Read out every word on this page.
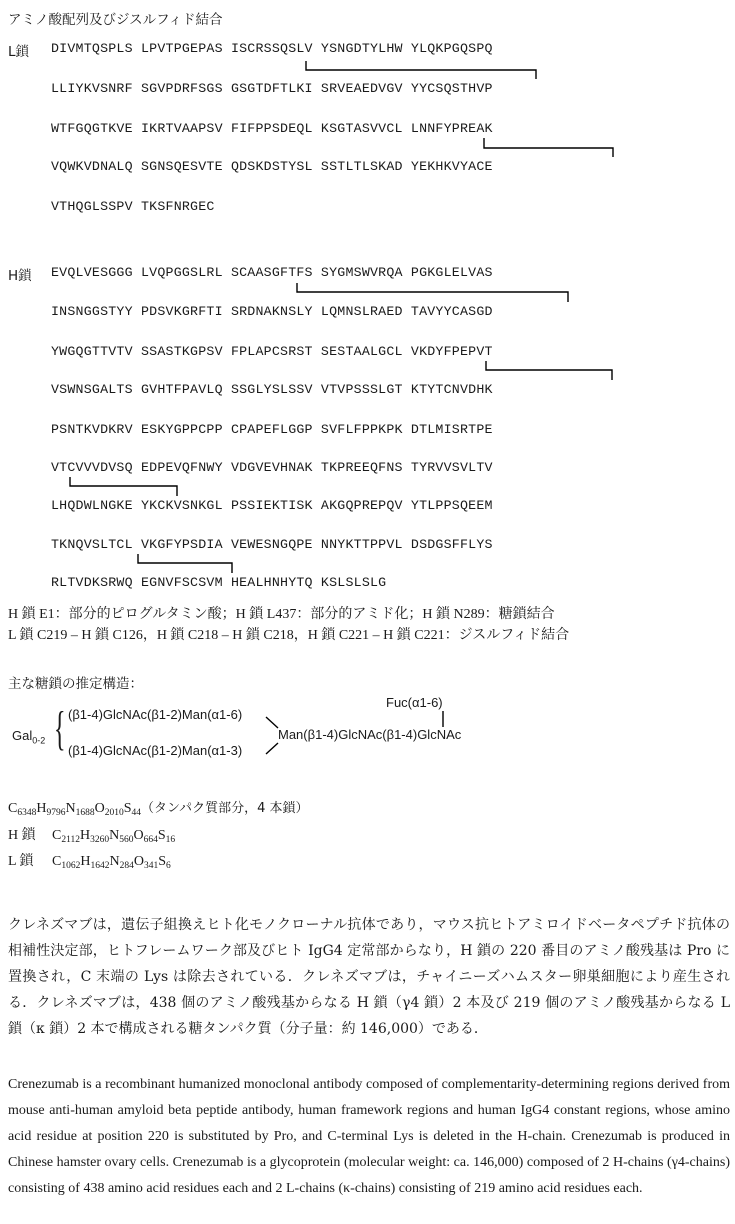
アミノ酸配列及びジスルフィド結合
L鎖 DIVMTQSPLS LPVTPGEPAS ISCRSSQSLV YSNGDTYLHW YLQKPGQSPQ
LLIYKVSNRF SGVPDRFSGS GSGTDFTLKI SRVEAEDVGV YYCSQSTHVP
WTFGQGTKVE IKRTVAAPSV FIFPPSDEQL KSGTASVVCL LNNFYPREAK
VQWKVDNALQ SGNSQESVTE QDSKDSTYSL SSTLTLSKAD YEKHKVYACE
VTHQGLSSPV TKSFNRGEC
H鎖 EVQLVESGGG LVQPGGSLRL SCAASGFTFS SYGMSWVRQA PGKGLELVAS
INSNGGSTYY PDSVKGRFTI SRDNAKNSLY LQMNSLRAED TAVYYCASGD
YWGQGTTVTV SSASTKGPSV FPLAPCSRST SESTAALGCL VKDYFPEPVT
VSWNSGALTS GVHTFPAVLQ SSGLYSLSSV VTVPSSSLGT KTYTCNVDHK
PSNTKVDKRV ESKYGPPCPP CPAPEFLGGP SVFLFPPKPK DTLMISRTPE
VTCVVVDVSQ EDPEVQFNWY VDGVEVHNAK TKPREEQFNS TYRVVSVLTV
LHQDWLNGKE YKCKVSNKGL PSSIEKTISK AKGQPREPQV YTLPPSQEEM
TKNQVSLTCL VKGFYPSDIA VEWESNGQPE NNYKTTPPVL DSDGSFFLYS
RLTVDKSRWQ EGNVFSCSVM HEALHNHYTQ KSLSLSLG
H 鎖 E1：部分的ピログルタミン酸；H 鎖 L437：部分的アミド化；H 鎖 N289：糖鎖結合
L 鎖 C219 – H 鎖 C126，H 鎖 C218 – H 鎖 C218，H 鎖 C221 – H 鎖 C221：ジスルフィド結合
主な糖鎖の推定構造：
Fuc(α1-6)
Gal$_{0-2}$ { (β1-4)GlcNAc(β1-2)Man(α1-6)
(β1-4)GlcNAc(β1-2)Man(α1-3)
Man(β1-4)GlcNAc(β1-4)GlcNAc
$C_{6348}H_{9796}N_{1688}O_{2010}S_{44}$（タンパク質部分，4 本鎖）
H 鎖 $C_{2112}H_{3260}N_{560}O_{664}S_{16}$
L 鎖 $C_{1062}H_{1642}N_{284}O_{341}S_6$
クレネズマブは，遺伝子組換えヒト化モノクローナル抗体であり，マウス抗ヒトアミロイドベータペプチド抗体の相補性決定部，ヒトフレームワーク部及びヒト IgG4 定常部からなり，H 鎖の 220 番目のアミノ酸残基は Pro に置換され，C 末端の Lys は除去されている．クレネズマブは，チャイニーズハムスター卵巣細胞により産生される．クレネズマブは，438 個のアミノ酸残基からなる H 鎖（γ4 鎖）2 本及び 219 個のアミノ酸残基からなる L 鎖（κ 鎖）2 本で構成される糖タンパク質（分子量：約 146,000）である．
Crenezumab is a recombinant humanized monoclonal antibody composed of complementarity-determining regions derived from mouse anti-human amyloid beta peptide antibody, human framework regions and human IgG4 constant regions, whose amino acid residue at position 220 is substituted by Pro, and C-terminal Lys is deleted in the H-chain. Crenezumab is produced in Chinese hamster ovary cells. Crenezumab is a glycoprotein (molecular weight: ca. 146,000) composed of 2 H-chains (γ4-chains) consisting of 438 amino acid residues each and 2 L-chains (κ-chains) consisting of 219 amino acid residues each.
